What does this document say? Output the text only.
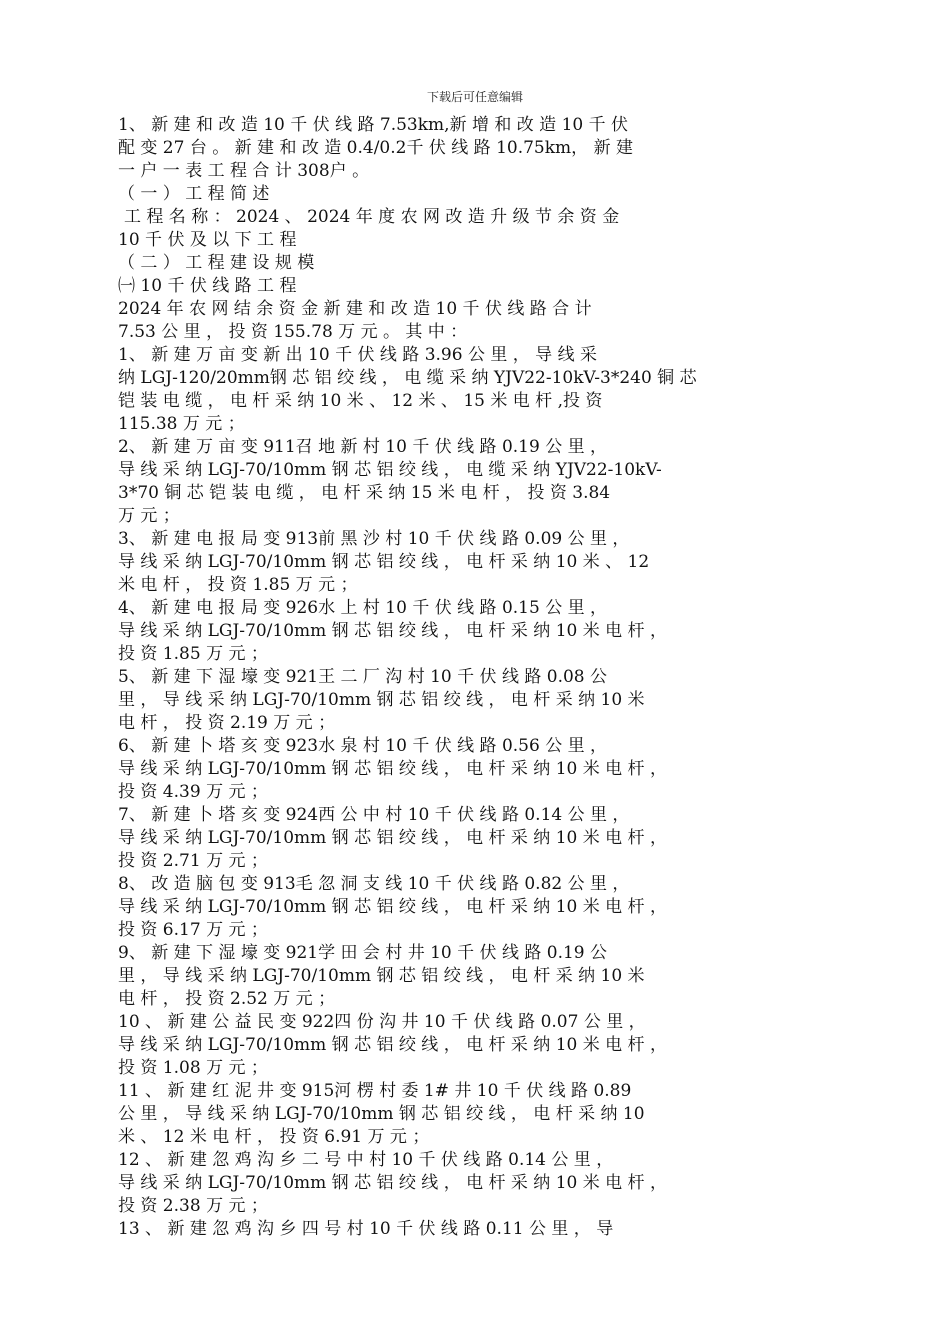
下载后可任意编辑
1、 新 建 和 改 造 10 千 伏 线 路 7.53km,新 增 和 改 造 10 千 伏
配 变 27 台 。 新 建 和 改 造 0.4/0.2千 伏 线 路 10.75km， 新 建
一 户 一 表 工 程 合 计 308户 。
（ 一 ） 工 程 简 述
工 程 名 称 ： 2024 、 2024 年 度 农 网 改 造 升 级 节 余 资 金
10 千 伏 及 以 下 工 程
（ 二 ） 工 程 建 设 规 模
㈠ 10 千 伏 线 路 工 程
2024 年 农 网 结 余 资 金 新 建 和 改 造 10 千 伏 线 路 合 计
7.53 公 里 ， 投 资 155.78 万 元 。 其 中 ：
1、 新 建 万 亩 变 新 出 10 千 伏 线 路 3.96 公 里 ， 导 线 采
纳 LGJ-120/20mm钢 芯 铝 绞 线 ， 电 缆 采 纳 YJV22-10kV-3*240 铜 芯
铠 装 电 缆 ， 电 杆 采 纳 10 米 、 12 米 、 15 米 电 杆 ,投 资
115.38 万 元 ；
2、 新 建 万 亩 变 911召 地 新 村 10 千 伏 线 路 0.19 公 里 ，
导 线 采 纳 LGJ-70/10mm 钢 芯 铝 绞 线 ， 电 缆 采 纳 YJV22-10kV-
3*70 铜 芯 铠 装 电 缆 ， 电 杆 采 纳 15 米 电 杆 ， 投 资 3.84
万 元 ；
3、 新 建 电 报 局 变 913前 黑 沙 村 10 千 伏 线 路 0.09 公 里 ，
导 线 采 纳 LGJ-70/10mm 钢 芯 铝 绞 线 ， 电 杆 采 纳 10 米 、 12
米 电 杆 ， 投 资 1.85 万 元 ；
4、 新 建 电 报 局 变 926水 上 村 10 千 伏 线 路 0.15 公 里 ，
导 线 采 纳 LGJ-70/10mm 钢 芯 铝 绞 线 ， 电 杆 采 纳 10 米 电 杆 ，
投 资 1.85 万 元 ；
5、 新 建 下 湿 壕 变 921王 二 厂 沟 村 10 千 伏 线 路 0.08 公
里 ， 导 线 采 纳 LGJ-70/10mm 钢 芯 铝 绞 线 ， 电 杆 采 纳 10 米
电 杆 ， 投 资 2.19 万 元 ；
6、 新 建 卜 塔 亥 变 923水 泉 村 10 千 伏 线 路 0.56 公 里 ，
导 线 采 纳 LGJ-70/10mm 钢 芯 铝 绞 线 ， 电 杆 采 纳 10 米 电 杆 ，
投 资 4.39 万 元 ；
7、 新 建 卜 塔 亥 变 924西 公 中 村 10 千 伏 线 路 0.14 公 里 ，
导 线 采 纳 LGJ-70/10mm 钢 芯 铝 绞 线 ， 电 杆 采 纳 10 米 电 杆 ，
投 资 2.71 万 元 ；
8、 改 造 脑 包 变 913毛 忽 洞 支 线 10 千 伏 线 路 0.82 公 里 ，
导 线 采 纳 LGJ-70/10mm 钢 芯 铝 绞 线 ， 电 杆 采 纳 10 米 电 杆 ，
投 资 6.17 万 元 ；
9、 新 建 下 湿 壕 变 921学 田 会 村 井 10 千 伏 线 路 0.19 公
里 ， 导 线 采 纳 LGJ-70/10mm 钢 芯 铝 绞 线 ， 电 杆 采 纳 10 米
电 杆 ， 投 资 2.52 万 元 ；
10 、 新 建 公 益 民 变 922四 份 沟 井 10 千 伏 线 路 0.07 公 里 ，
导 线 采 纳 LGJ-70/10mm 钢 芯 铝 绞 线 ， 电 杆 采 纳 10 米 电 杆 ，
投 资 1.08 万 元 ；
11 、 新 建 红 泥 井 变 915河 楞 村 委 1# 井 10 千 伏 线 路 0.89
公 里 ， 导 线 采 纳 LGJ-70/10mm 钢 芯 铝 绞 线 ， 电 杆 采 纳 10
米 、 12 米 电 杆 ， 投 资 6.91 万 元 ；
12 、 新 建 忽 鸡 沟 乡 二 号 中 村 10 千 伏 线 路 0.14 公 里 ，
导 线 采 纳 LGJ-70/10mm 钢 芯 铝 绞 线 ， 电 杆 采 纳 10 米 电 杆 ，
投 资 2.38 万 元 ；
13 、 新 建 忽 鸡 沟 乡 四 号 村 10 千 伏 线 路 0.11 公 里 ， 导
